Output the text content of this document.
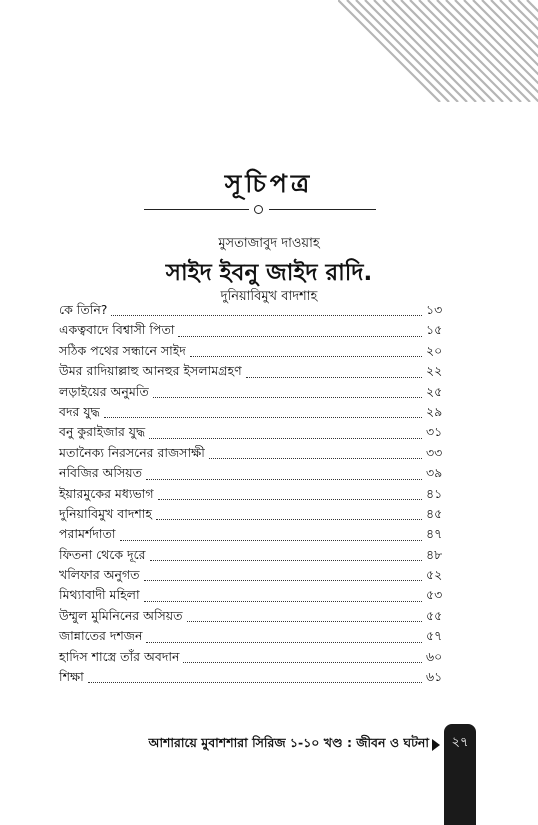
সূচিপত্র
মুসতাজাবুদ দাওয়াহ
সাইদ ইবনু জাইদ রাদি.
দুনিয়াবিমুখ বাদশাহ
কে তিনি?	১৩
একত্ববাদে বিশ্বাসী পিতা	১৫
সঠিক পথের সন্ধানে সাইদ	২০
উমর রাদিয়াল্লাহু আনহুর ইসলামগ্রহণ	২২
লড়াইয়ের অনুমতি	২৫
বদর যুদ্ধ	২৯
বনু কুরাইজার যুদ্ধ	৩১
মতানৈক্য নিরসনের রাজসাক্ষী	৩৩
নবিজির অসিয়ত	৩৯
ইয়ারমুকের মধ্যভাগ	৪১
দুনিয়াবিমুখ বাদশাহ	৪৫
পরামর্শদাতা	৪৭
ফিতনা থেকে দূরে	৪৮
খলিফার অনুগত	৫২
মিথ্যাবাদী মহিলা	৫৩
উম্মুল মুমিনিনের অসিয়ত	৫৫
জান্নাতের দশজন	৫৭
হাদিস শাস্ত্রে তাঁর অবদান	৬০
শিক্ষা	৬১
আশারায়ে মুবাশশারা সিরিজ ১-১০ খণ্ড : জীবন ও ঘটনা	২৭
